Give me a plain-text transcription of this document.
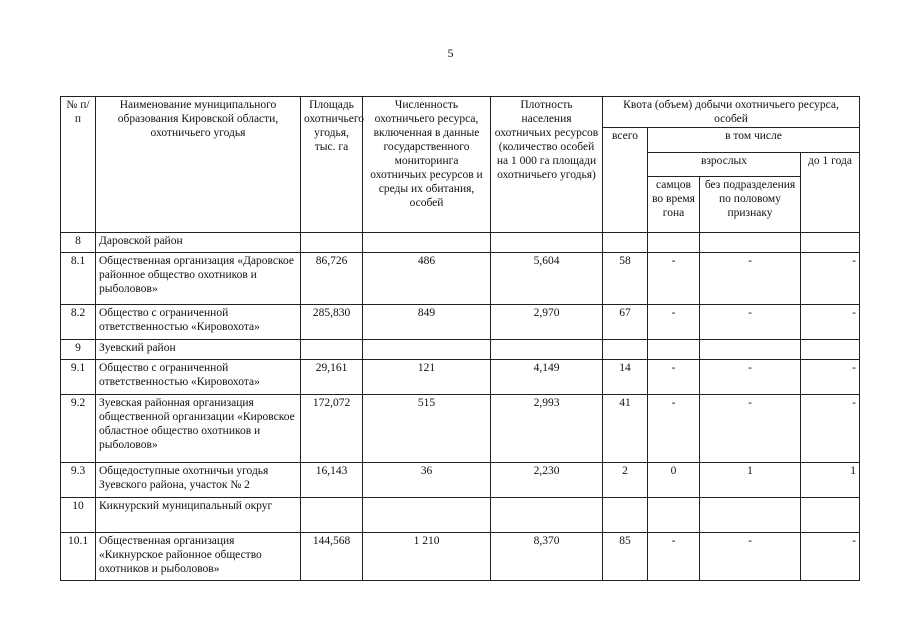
5
№ п/п	Наименование муниципального образования Кировской области, охотничьего угодья	Площадь охотничьего угодья, тыс. га	Численность охотничьего ресурса, включенная в данные государственного мониторинга охотничьих ресурсов и среды их обитания, особей	Плотность населения охотничьих ресурсов (количество особей на 1 000 га площади охотничьего угодья)	Квота (объем) добычи охотничьего ресурса, особей			
					всего	в том числе		
						взрослых		до 1 года
						самцов во время гона	без подразделения по половому признаку	
8	Даровской район							
8.1	Общественная организация «Даровское районное общество охотников и рыболовов»	86,726	486	5,604	58	-	-	-
8.2	Общество с ограниченной ответственностью «Кировохота»	285,830	849	2,970	67	-	-	-
9	Зуевский район							
9.1	Общество с ограниченной ответственностью «Кировохота»	29,161	121	4,149	14	-	-	-
9.2	Зуевская районная организация общественной организации «Кировское областное общество охотников и рыболовов»	172,072	515	2,993	41	-	-	-
9.3	Общедоступные охотничьи угодья Зуевского района, участок № 2	16,143	36	2,230	2	0	1	1
10	Кикнурский муниципальный округ							
10.1	Общественная организация «Кикнурское районное общество охотников и рыболовов»	144,568	1 210	8,370	85	-	-	-
